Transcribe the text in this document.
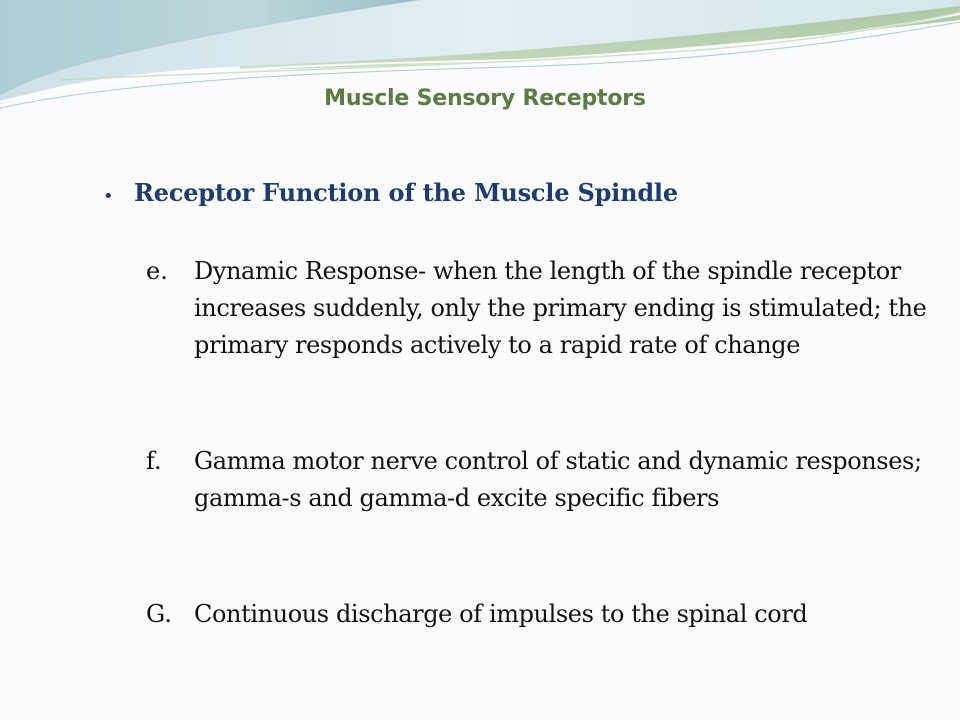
Muscle Sensory Receptors
• Receptor Function of the Muscle Spindle
e.	Dynamic Response- when the length of the spindle receptor increases suddenly, only the primary ending is stimulated; the primary responds actively to a rapid rate of change
f.	Gamma motor nerve control of static and dynamic responses; gamma-s and gamma-d excite specific fibers
G. Continuous discharge of impulses to the spinal cord
